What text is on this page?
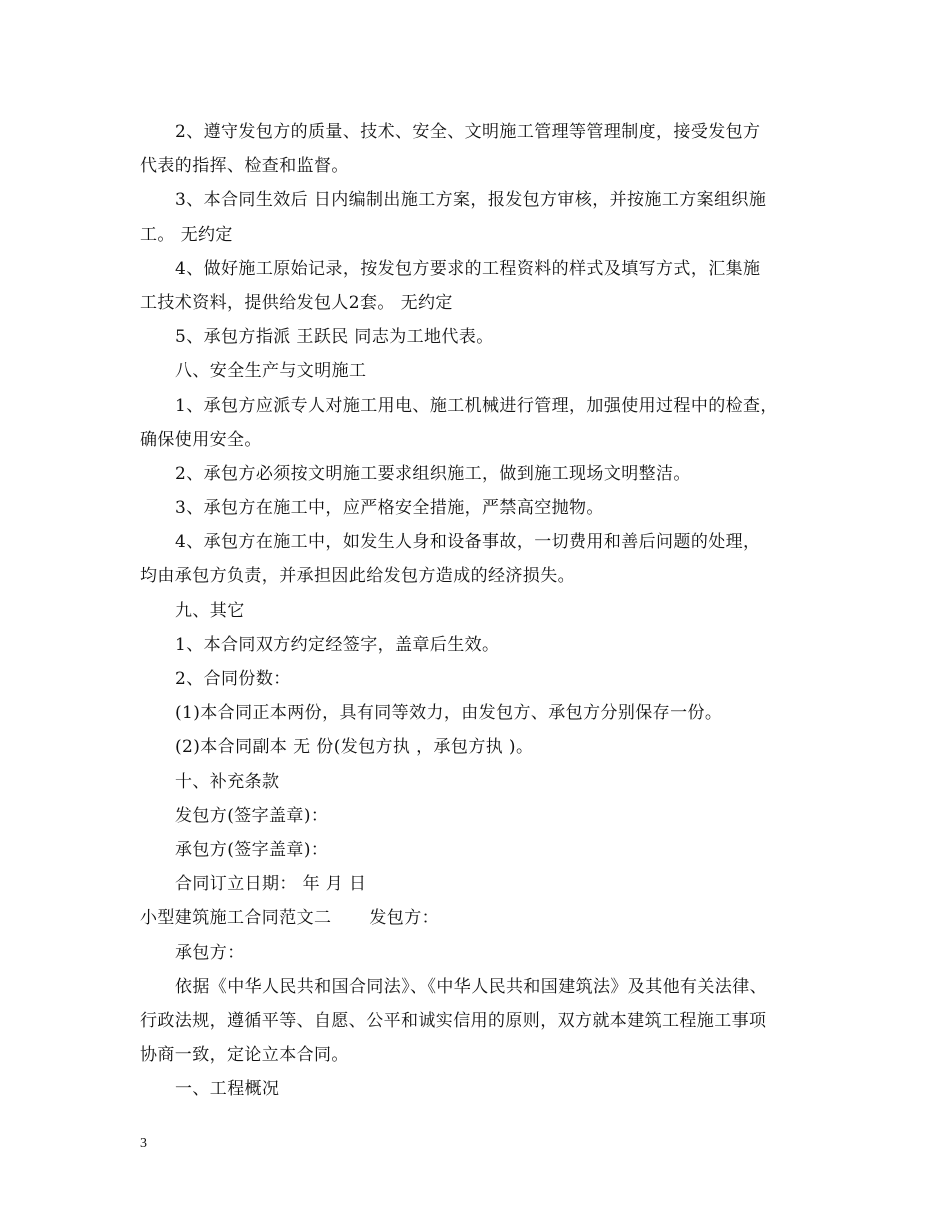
2、遵守发包方的质量、技术、安全、文明施工管理等管理制度，接受发包方
代表的指挥、检查和监督。
3、本合同生效后 日内编制出施工方案，报发包方审核，并按施工方案组织施
工。 无约定
4、做好施工原始记录，按发包方要求的工程资料的样式及填写方式，汇集施
工技术资料，提供给发包人2套。 无约定
5、承包方指派 王跃民 同志为工地代表。
八、安全生产与文明施工
1、承包方应派专人对施工用电、施工机械进行管理，加强使用过程中的检查，
确保使用安全。
2、承包方必须按文明施工要求组织施工，做到施工现场文明整洁。
3、承包方在施工中，应严格安全措施，严禁高空抛物。
4、承包方在施工中，如发生人身和设备事故，一切费用和善后问题的处理，
均由承包方负责，并承担因此给发包方造成的经济损失。
九、其它
1、本合同双方约定经签字，盖章后生效。
2、合同份数：
(1)本合同正本两份，具有同等效力，由发包方、承包方分别保存一份。
(2)本合同副本 无 份(发包方执 ，承包方执 )。
十、补充条款
发包方(签字盖章)：
承包方(签字盖章)：
合同订立日期： 年 月 日
小型建筑施工合同范文二 发包方：
承包方：
依据《中华人民共和国合同法》、《中华人民共和国建筑法》及其他有关法律、
行政法规，遵循平等、自愿、公平和诚实信用的原则，双方就本建筑工程施工事项
协商一致，定论立本合同。
一、工程概况
3
